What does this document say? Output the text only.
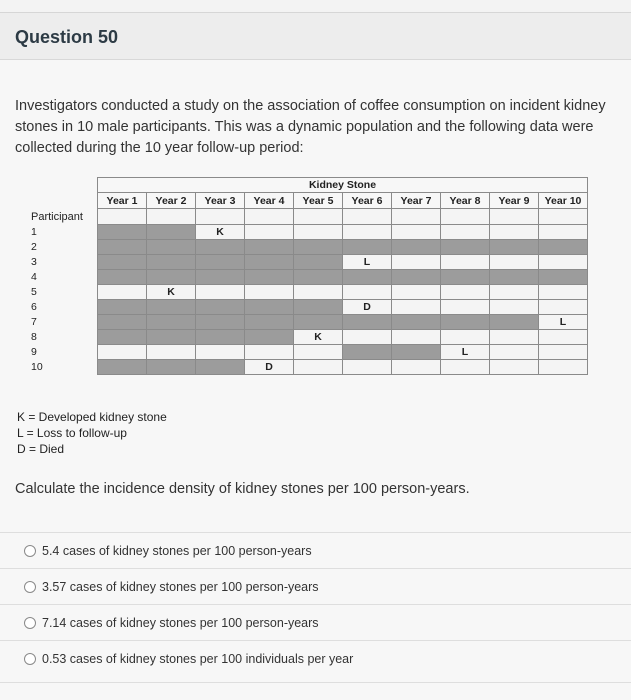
Question 50
Investigators conducted a study on the association of coffee consumption on incident kidney stones in 10 male participants. This was a dynamic population and the following data were collected during the 10 year follow-up period:
	Kidney Stone									
	Year 1	Year 2	Year 3	Year 4	Year 5	Year 6	Year 7	Year 8	Year 9	Year 10
Participant										
1			K							
2										
3						L				
4										
5		K								
6						D				
7										L
8					K					
9								L		
10				D						
K = Developed kidney stone
L = Loss to follow-up
D = Died
Calculate the incidence density of kidney stones per 100 person-years.
5.4 cases of kidney stones per 100 person-years
3.57 cases of kidney stones per 100 person-years
7.14 cases of kidney stones per 100 person-years
0.53 cases of kidney stones per 100 individuals per year
